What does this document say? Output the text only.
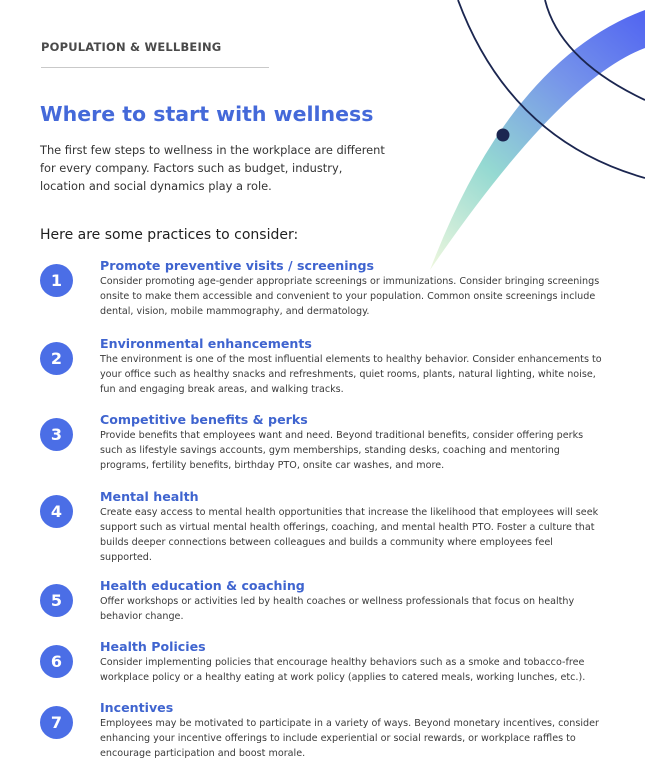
POPULATION & WELLBEING
Where to start with wellness

The first few steps to wellness in the workplace are different for every company. Factors such as budget, industry, location and social dynamics play a role.

Here are some practices to consider:
1
Promote preventive visits / screenings

Consider promoting age-gender appropriate screenings or immunizations. Consider bringing screenings onsite to make them accessible and convenient to your population. Common onsite screenings include dental, vision, mobile mammography, and dermatology.

2
Environmental enhancements

The environment is one of the most influential elements to healthy behavior. Consider enhancements to your office such as healthy snacks and refreshments, quiet rooms, plants, natural lighting, white noise, fun and engaging break areas, and walking tracks.

3
Competitive benefits & perks

Provide benefits that employees want and need. Beyond traditional benefits, consider offering perks such as lifestyle savings accounts, gym memberships, standing desks, coaching and mentoring programs, fertility benefits, birthday PTO, onsite car washes, and more.

4
Mental health

Create easy access to mental health opportunities that increase the likelihood that employees will seek support such as virtual mental health offerings, coaching, and mental health PTO. Foster a culture that builds deeper connections between colleagues and builds a community where employees feel supported.

5
Health education & coaching

Offer workshops or activities led by health coaches or wellness professionals that focus on healthy behavior change.

6
Health Policies

Consider implementing policies that encourage healthy behaviors such as a smoke and tobacco-free workplace policy or a healthy eating at work policy (applies to catered meals, working lunches, etc.).

7
Incentives

Employees may be motivated to participate in a variety of ways. Beyond monetary incentives, consider enhancing your incentive offerings to include experiential or social rewards, or workplace raffles to encourage participation and boost morale.
